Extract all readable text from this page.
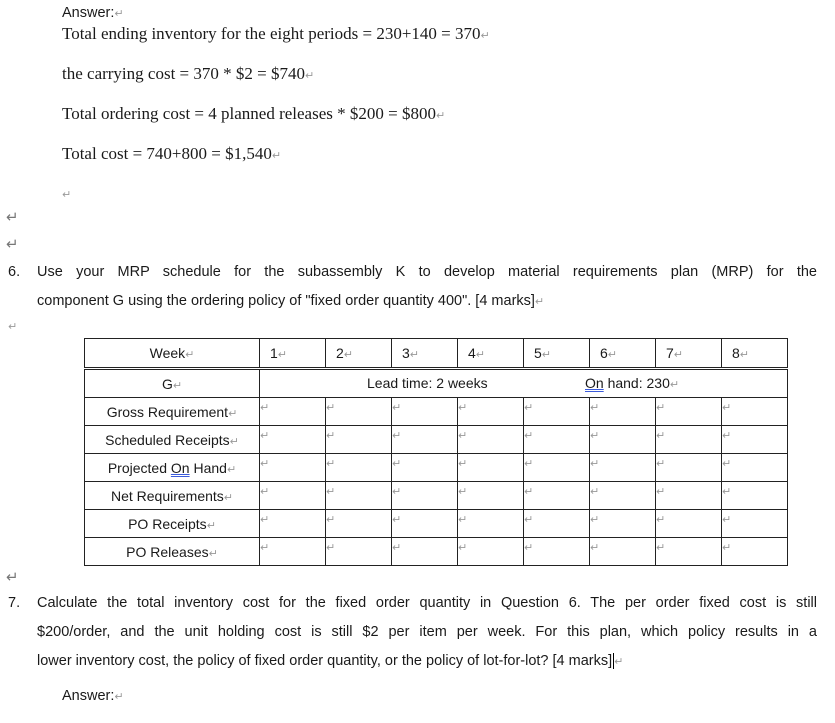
Answer:↵
Total ending inventory for the eight periods = 230+140 = 370↵
the carrying cost = 370 * $2 = $740↵
Total ordering cost = 4 planned releases * $200 = $800↵
Total cost = 740+800 = $1,540↵
↵
↵
↵
6. Use your MRP schedule for the subassembly K to develop material requirements plan (MRP) for the
component G using the ordering policy of "fixed order quantity 400". [4 marks]↵
↵
Week↵	1↵	2↵	3↵	4↵	5↵	6↵	7↵	8↵
G↵	Lead time: 2 weeks On hand: 230↵							

Gross Requirement↵	↵	↵	↵	↵	↵	↵	↵	↵
Scheduled Receipts↵	↵	↵	↵	↵	↵	↵	↵	↵
Projected On Hand↵	↵	↵	↵	↵	↵	↵	↵	↵
Net Requirements↵	↵	↵	↵	↵	↵	↵	↵	↵
PO Receipts↵	↵	↵	↵	↵	↵	↵	↵	↵
PO Releases↵	↵	↵	↵	↵	↵	↵	↵	↵
↵
7. Calculate the total inventory cost for the fixed order quantity in Question 6. The per order fixed cost is still
$200/order, and the unit holding cost is still $2 per item per week. For this plan, which policy results in a
lower inventory cost, the policy of fixed order quantity, or the policy of lot-for-lot? [4 marks] ↵
Answer:↵
